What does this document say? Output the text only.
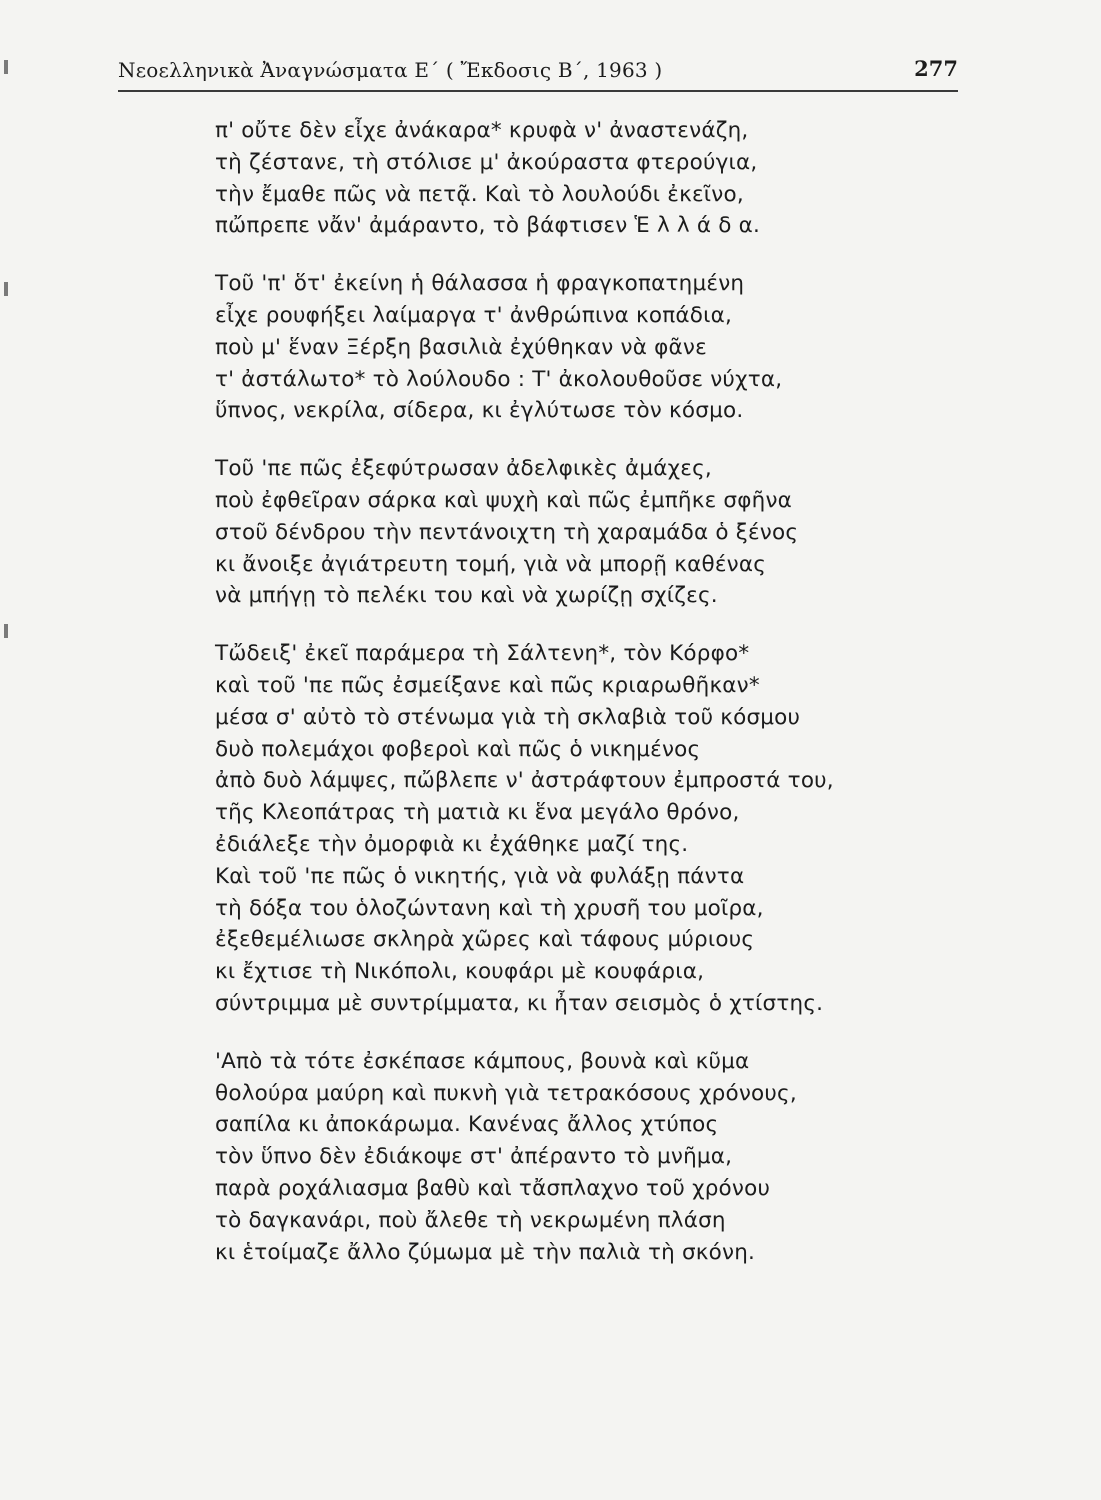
Νεοελληνικὰ Ἀναγνώσματα Ε΄ ( Ἔκδοσις Β΄, 1963 )	277
π' οὔτε δὲν εἶχε ἀνάκαρα* κρυφὰ ν' ἀναστενάζη,
τὴ ζέστανε, τὴ στόλισε μ' ἀκούραστα φτερούγια,
τὴν ἔμαθε πῶς νὰ πετᾷ. Καὶ τὸ λουλούδι ἐκεῖνο,
πὤπρεπε νἄν' ἀμάραντο, τὸ βάφτισεν Ἑ λ λ ά δ α.
Τοῦ 'π' ὅτ' ἐκείνη ἡ θάλασσα ἡ φραγκοπατημένη
εἶχε ρουφήξει λαίμαργα τ' ἀνθρώπινα κοπάδια,
ποὺ μ' ἕναν Ξέρξη βασιλιὰ ἐχύθηκαν νὰ φᾶνε
τ' ἀστάλωτο* τὸ λούλουδο : Τ' ἀκολουθοῦσε νύχτα,
ὕπνος, νεκρίλα, σίδερα, κι ἐγλύτωσε τὸν κόσμο.
Τοῦ 'πε πῶς ἐξεφύτρωσαν ἀδελφικὲς ἀμάχες,
ποὺ ἐφθεῖραν σάρκα καὶ ψυχὴ καὶ πῶς ἐμπῆκε σφῆνα
στοῦ δένδρου τὴν πεντάνοιχτη τὴ χαραμάδα ὁ ξένος
κι ἄνοιξε ἀγιάτρευτη τομή, γιὰ νὰ μπορῇ καθένας
νὰ μπήγῃ τὸ πελέκι του καὶ νὰ χωρίζῃ σχίζες.
Τὤδειξ' ἐκεῖ παράμερα τὴ Σάλτενη*, τὸν Κόρφο*
καὶ τοῦ 'πε πῶς ἐσμείξανε καὶ πῶς κριαρωθῆκαν*
μέσα σ' αὐτὸ τὸ στένωμα γιὰ τὴ σκλαβιὰ τοῦ κόσμου
δυὸ πολεμάχοι φοβεροὶ καὶ πῶς ὁ νικημένος
ἀπὸ δυὸ λάμψες, πὤβλεπε ν' ἀστράφτουν ἐμπροστά του,
τῆς Κλεοπάτρας τὴ ματιὰ κι ἕνα μεγάλο θρόνο,
ἐδιάλεξε τὴν ὀμορφιὰ κι ἐχάθηκε μαζί της.
Καὶ τοῦ 'πε πῶς ὁ νικητής, γιὰ νὰ φυλάξῃ πάντα
τὴ δόξα του ὁλοζώντανη καὶ τὴ χρυσῆ του μοῖρα,
ἐξεθεμέλιωσε σκληρὰ χῶρες καὶ τάφους μύριους
κι ἔχτισε τὴ Νικόπολι, κουφάρι μὲ κουφάρια,
σύντριμμα μὲ συντρίμματα, κι ἦταν σεισμὸς ὁ χτίστης.
'Απὸ τὰ τότε ἐσκέπασε κάμπους, βουνὰ καὶ κῦμα
θολούρα μαύρη καὶ πυκνὴ γιὰ τετρακόσους χρόνους,
σαπίλα κι ἀποκάρωμα. Κανένας ἄλλος χτύπος
τὸν ὕπνο δὲν ἐδιάκοψε στ' ἀπέραντο τὸ μνῆμα,
παρὰ ροχάλιασμα βαθὺ καὶ τἄσπλαχνο τοῦ χρόνου
τὸ δαγκανάρι, ποὺ ἄλεθε τὴ νεκρωμένη πλάση
κι ἑτοίμαζε ἄλλο ζύμωμα μὲ τὴν παλιὰ τὴ σκόνη.
